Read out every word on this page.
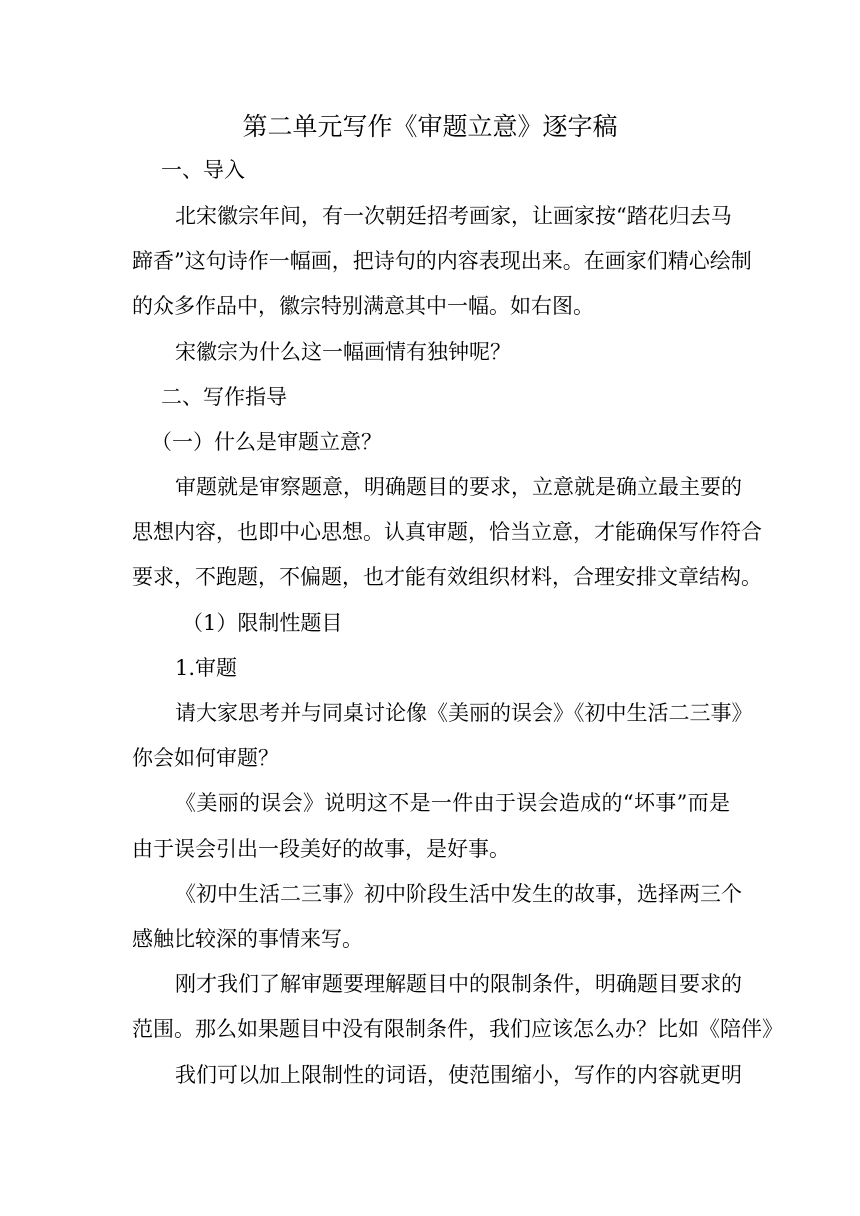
第二单元写作《审题立意》逐字稿
一、导入
北宋徽宗年间，有一次朝廷招考画家，让画家按“踏花归去马
蹄香”这句诗作一幅画，把诗句的内容表现出来。在画家们精心绘制
的众多作品中，徽宗特别满意其中一幅。如右图。
宋徽宗为什么这一幅画情有独钟呢？
二、写作指导
（一）什么是审题立意？
审题就是审察题意，明确题目的要求，立意就是确立最主要的
思想内容，也即中心思想。认真审题，恰当立意，才能确保写作符合
要求，不跑题，不偏题，也才能有效组织材料，合理安排文章结构。
（1）限制性题目
1.审题
请大家思考并与同桌讨论像《美丽的误会》《初中生活二三事》
你会如何审题？
《美丽的误会》说明这不是一件由于误会造成的“坏事”而是
由于误会引出一段美好的故事，是好事。
《初中生活二三事》初中阶段生活中发生的故事，选择两三个
感触比较深的事情来写。
刚才我们了解审题要理解题目中的限制条件，明确题目要求的
范围。那么如果题目中没有限制条件，我们应该怎么办？比如《陪伴》
我们可以加上限制性的词语，使范围缩小，写作的内容就更明
